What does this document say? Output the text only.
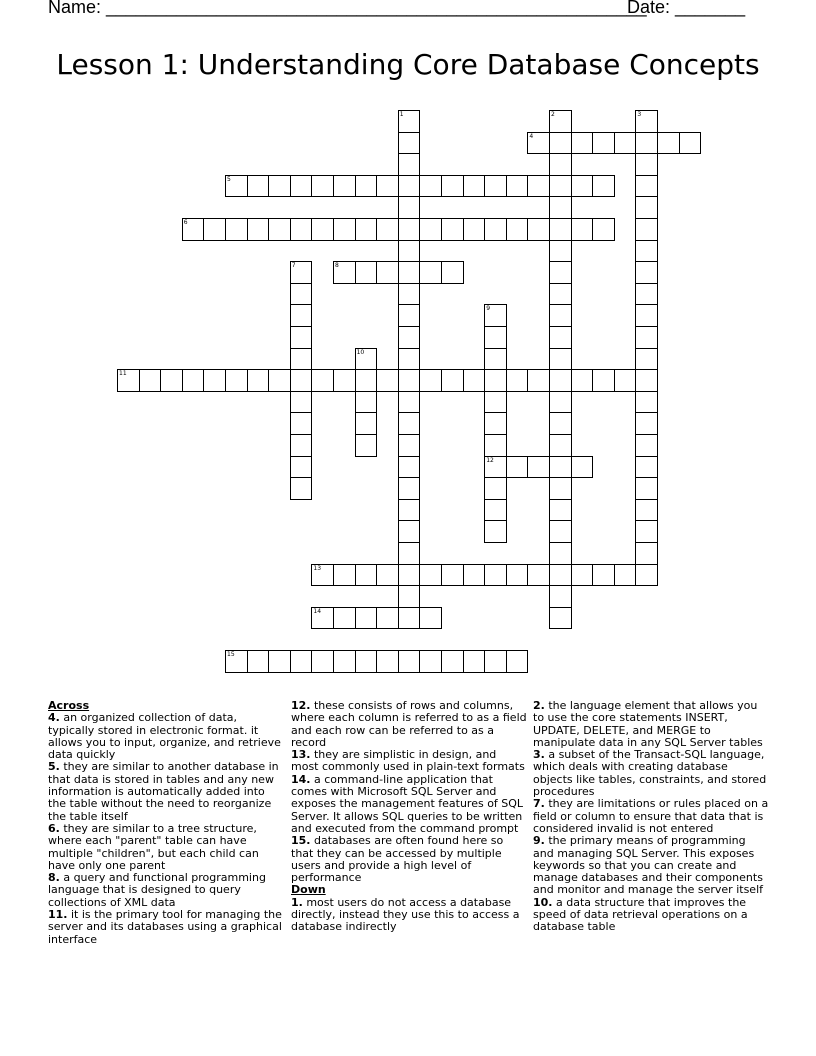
Name: ______________________________________________________
Date: _______
Lesson 1: Understanding Core Database Concepts
1	2	3
4
5
6
7	8
9
10
11
12
13
14
15
Across
4. an organized collection of data, typically stored in electronic format. it allows you to input, organize, and retrieve data quickly
5. they are similar to another database in that data is stored in tables and any new information is automatically added into the table without the need to reorganize the table itself
6. they are similar to a tree structure, where each "parent" table can have multiple "children", but each child can have only one parent
8. a query and functional programming language that is designed to query collections of XML data
11. it is the primary tool for managing the server and its databases using a graphical interface
12. these consists of rows and columns, where each column is referred to as a field and each row can be referred to as a record
13. they are simplistic in design, and most commonly used in plain-text formats
14. a command-line application that comes with Microsoft SQL Server and exposes the management features of SQL Server. It allows SQL queries to be written and executed from the command prompt
15. databases are often found here so that they can be accessed by multiple users and provide a high level of performance
Down
1. most users do not access a database directly, instead they use this to access a database indirectly
2. the language element that allows you to use the core statements INSERT, UPDATE, DELETE, and MERGE to manipulate data in any SQL Server tables
3. a subset of the Transact-SQL language, which deals with creating database objects like tables, constraints, and stored procedures
7. they are limitations or rules placed on a field or column to ensure that data that is considered invalid is not entered
9. the primary means of programming and managing SQL Server. This exposes keywords so that you can create and manage databases and their components and monitor and manage the server itself
10. a data structure that improves the speed of data retrieval operations on a database table
